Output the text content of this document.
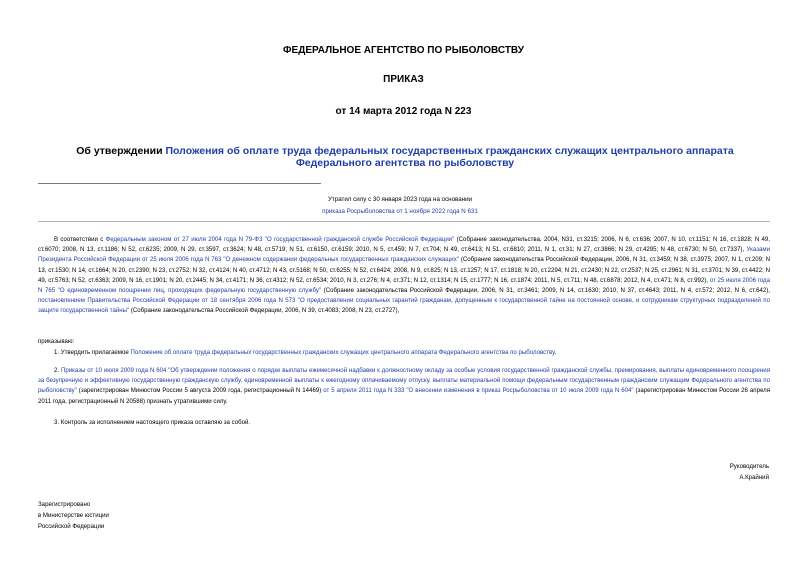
ФЕДЕРАЛЬНОЕ АГЕНТСТВО ПО РЫБОЛОВСТВУ
ПРИКАЗ
от 14 марта 2012 года N 223
Об утверждении Положения об оплате труда федеральных государственных гражданских служащих центрального аппарата Федерального агентства по рыболовству
Утратил силу с 30 января 2023 года на основании
приказа Росрыболовства от 1 ноября 2022 года N 631
В соответствии с Федеральным законом от 27 июля 2004 года N 79-ФЗ "О государственной гражданской службе Российской Федерации" (Собрание законодательства, 2004, N31, ст.3215; 2006, N 6, ст.636; 2007, N 10, ст.1151; N 16, ст.1828; N 49, ст.6070; 2008, N 13, ст.1186; N 52, ст.6235; 2009, N 29, ст.3597, ст.3624; N 48, ст.5719; N 51, ст.6150, ст.6159; 2010, N 5, ст.459; N 7, ст.704; N 49, ст.6413; N 51, ст.6810; 2011, N 1, ст.31; N 27, ст.3866; N 29, ст.4295; N 48, ст.6730; N 50, ст.7337), Указами Президента Российской Федерации от 25 июля 2006 года N 763 "О денежном содержании федеральных государственных гражданских служащих" (Собрание законодательства Российской Федерации, 2006, N 31, ст.3459; N 38, ст.3975; 2007, N 1, ст.209; N 13, ст.1530; N 14, ст.1664; N 20, ст.2390; N 23, ст.2752; N 32, ст.4124; N 40, ст.4712; N 43, ст.5168; N 50, ст.6255; N 52, ст.6424; 2008, N 9, ст.825; N 13, ст.1257; N 17, ст.1818; N 20, ст.2294; N 21, ст.2430; N 22, ст.2537; N 25, ст.2961; N 31, ст.3701; N 39, ст.4422; N 49, ст.5763; N 52, ст.6363; 2009, N 16, ст.1901; N 20, ст.2445; N 34, ст.4171; N 36, ст.4312; N 52, ст.6534; 2010, N 3, ст.276; N 4, ст.371; N 12, ст.1314; N 15, ст.1777; N 16, ст.1874; 2011, N 5, ст.711; N 48, ст.6878; 2012, N 4, ст.471; N 8, ст.992), от 25 июля 2006 года N 765 "О единовременном поощрении лиц, проходящих федеральную государственную службу" (Собрание законодательства Российской Федерации, 2006, N 31, ст.3461; 2009, N 14, ст.1630; 2010, N 37, ст.4643; 2011, N 4, ст.572; 2012, N 6, ст.642), постановлением Правительства Российской Федерации от 18 сентября 2006 года N 573 "О предоставлении социальных гарантий гражданам, допущенным к государственной тайне на постоянной основе, и сотрудникам структурных подразделений по защите государственной тайны" (Собрание законодательства Российской Федерации, 2006, N 39, ст.4083; 2008, N 23, ст.2727),
приказываю:
1. Утвердить прилагаемое Положение об оплате труда федеральных государственных гражданских служащих центрального аппарата Федерального агентства по рыболовству.
2. Приказы от 10 июля 2009 года N 604 "Об утверждении положения о порядке выплаты ежемесячной надбавки к должностному окладу за особые условия государственной гражданской службы, премирования, выплаты единовременного поощрения за безупречную и эффективную государственную гражданскую службу, единовременной выплаты к ежегодному оплачиваемому отпуску, выплаты материальной помощи федеральным государственным гражданским служащим Федерального агентства по рыболовству" (зарегистрирован Минюстом России 5 августа 2009 года, регистрационный N 14469) от 5 апреля 2011 года N 333 "О внесении изменения в приказ Росрыболовства от 10 июля 2009 года N 604" (зарегистрирован Минюстом России 26 апреля 2011 года, регистрационный N 20588) признать утратившими силу.
3. Контроль за исполнением настоящего приказа оставляю за собой.
Руководитель
А.Крайний
Зарегистрировано
в Министерстве юстиции
Российской Федерации
